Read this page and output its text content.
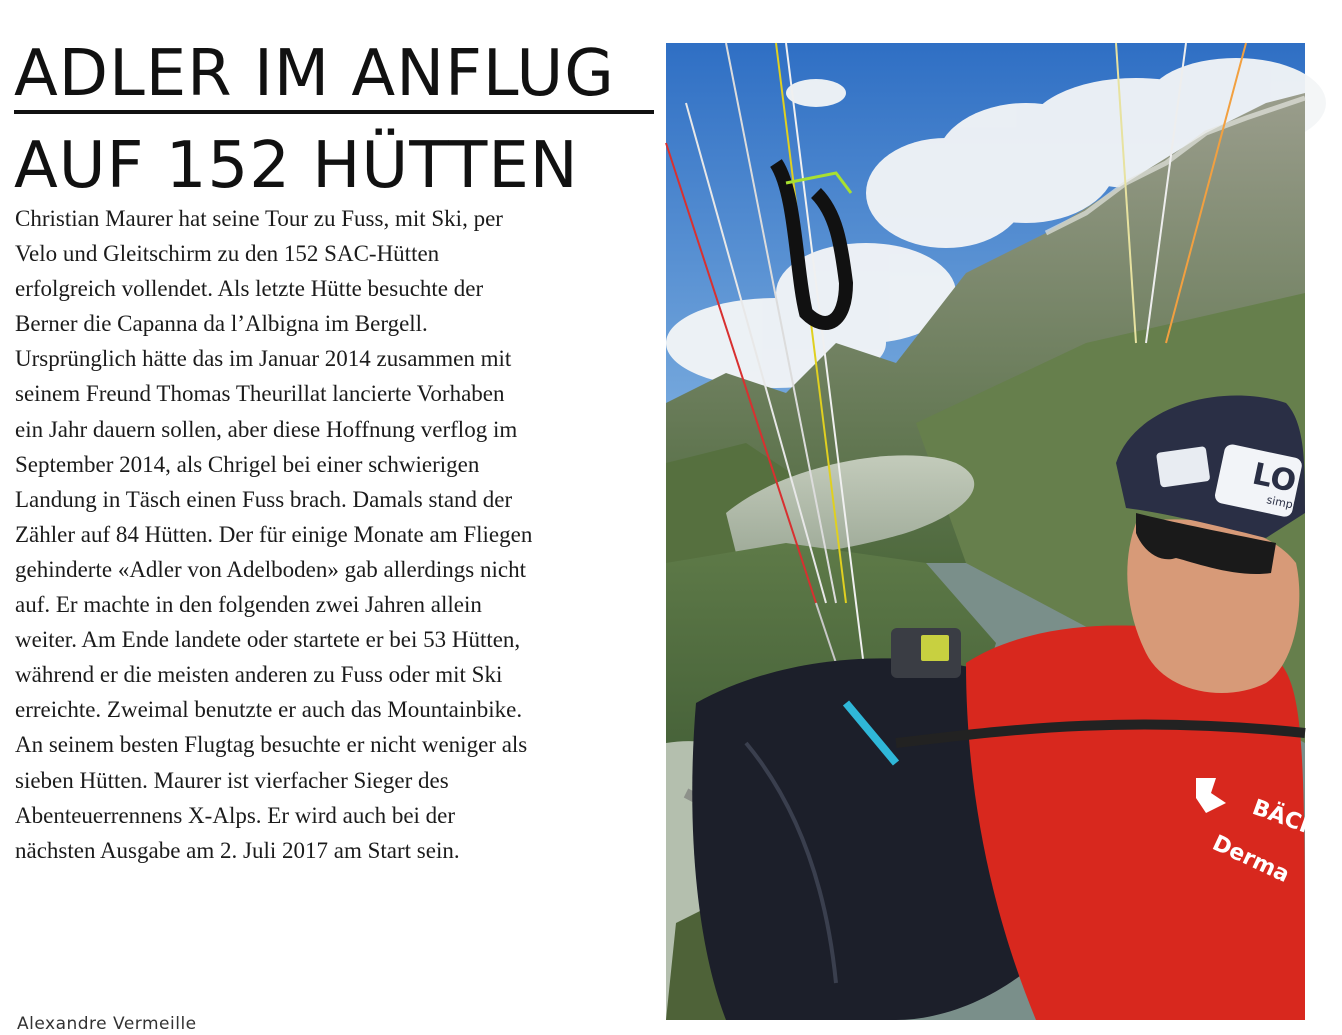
ADLER IM ANFLUG
AUF 152 HÜTTEN

Christian Maurer hat seine Tour zu Fuss, mit Ski, per Velo und Gleitschirm zu den 152 SAC-Hütten erfolgreich vollendet. Als letzte Hütte besuchte der Berner die Capanna da l’Albigna im Bergell.

Ursprünglich hätte das im Januar 2014 zusammen mit seinem Freund Thomas Theurillat lancierte Vorhaben ein Jahr dauern sollen, aber diese Hoffnung verflog im September 2014, als Chrigel bei einer schwierigen Landung in Täsch einen Fuss brach. Damals stand der Zähler auf 84 Hütten. Der für einige Monate am Fliegen gehinderte «Adler von Adelboden» gab allerdings nicht auf. Er machte in den folgenden zwei Jahren allein weiter. Am Ende landete oder startete er bei 53 Hütten, während er die meisten anderen zu Fuss oder mit Ski erreichte. Zweimal benutzte er auch das Mountainbike. An seinem besten Flugtag besuchte er nicht weniger als sieben Hütten. Maurer ist vierfacher Sieger des Abenteuerrennens X-Alps. Er wird auch bei der nächsten Ausgabe am 2. Juli 2017 am Start sein.

Alexandre Vermeille
BÄCH
Derma
LO
simply
